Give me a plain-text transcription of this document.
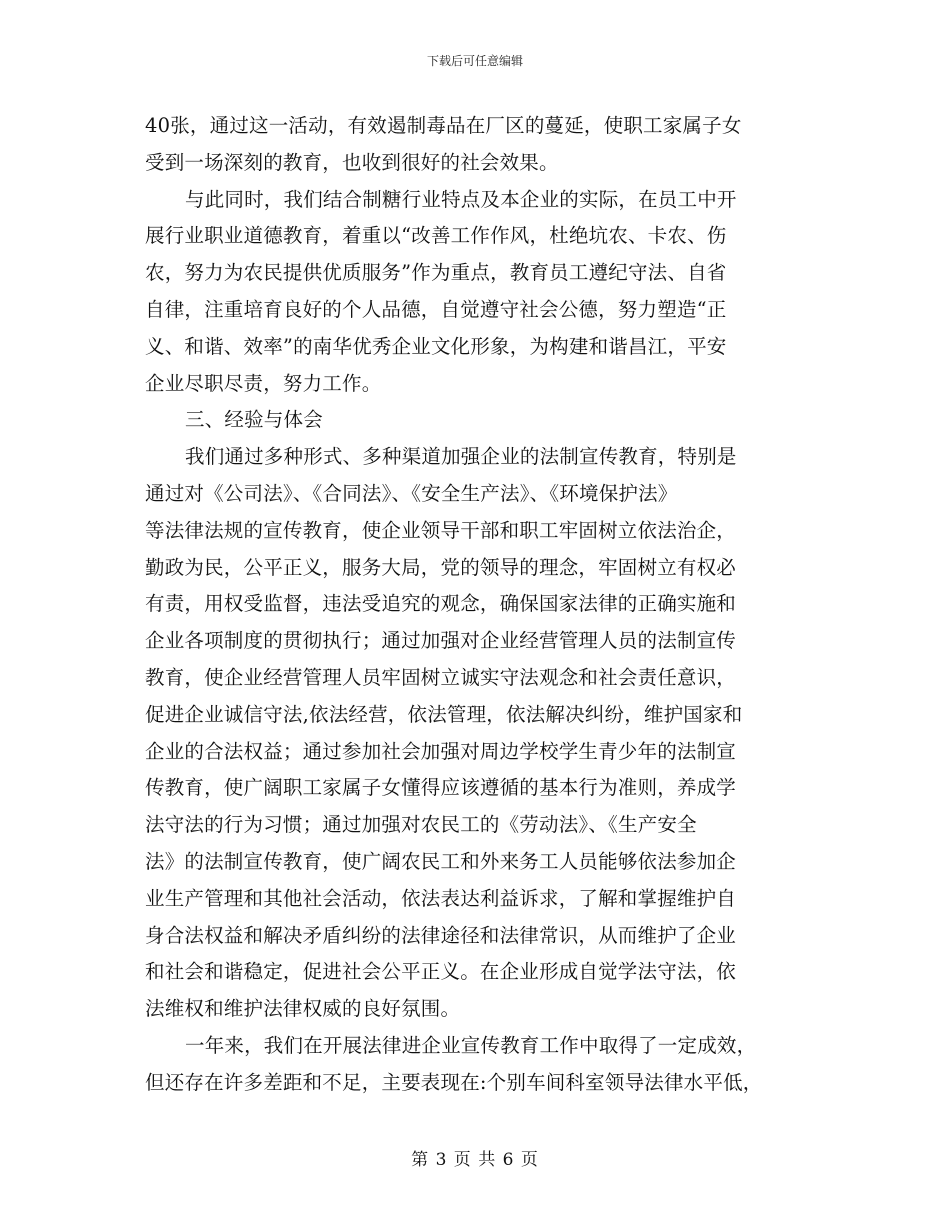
下载后可任意编辑
40张，通过这一活动，有效遏制毒品在厂区的蔓延，使职工家属子女
受到一场深刻的教育，也收到很好的社会效果。
与此同时，我们结合制糖行业特点及本企业的实际，在员工中开
展行业职业道德教育，着重以“改善工作作风，杜绝坑农、卡农、伤
农，努力为农民提供优质服务”作为重点，教育员工遵纪守法、自省
自律，注重培育良好的个人品德，自觉遵守社会公德，努力塑造“正
义、和谐、效率”的南华优秀企业文化形象，为构建和谐昌江，平安
企业尽职尽责，努力工作。
三、经验与体会
我们通过多种形式、多种渠道加强企业的法制宣传教育，特别是
通过对《公司法》、《合同法》、《安全生产法》、《环境保护法》
等法律法规的宣传教育，使企业领导干部和职工牢固树立依法治企，
勤政为民，公平正义，服务大局，党的领导的理念，牢固树立有权必
有责，用权受监督，违法受追究的观念，确保国家法律的正确实施和
企业各项制度的贯彻执行；通过加强对企业经营管理人员的法制宣传
教育，使企业经营管理人员牢固树立诚实守法观念和社会责任意识，
促进企业诚信守法,依法经营，依法管理，依法解决纠纷，维护国家和
企业的合法权益；通过参加社会加强对周边学校学生青少年的法制宣
传教育，使广阔职工家属子女懂得应该遵循的基本行为准则，养成学
法守法的行为习惯；通过加强对农民工的《劳动法》、《生产安全
法》的法制宣传教育，使广阔农民工和外来务工人员能够依法参加企
业生产管理和其他社会活动，依法表达利益诉求，了解和掌握维护自
身合法权益和解决矛盾纠纷的法律途径和法律常识，从而维护了企业
和社会和谐稳定，促进社会公平正义。在企业形成自觉学法守法，依
法维权和维护法律权威的良好氛围。
一年来，我们在开展法律进企业宣传教育工作中取得了一定成效，
但还存在许多差距和不足，主要表现在:个别车间科室领导法律水平低，
第 3 页 共 6 页
